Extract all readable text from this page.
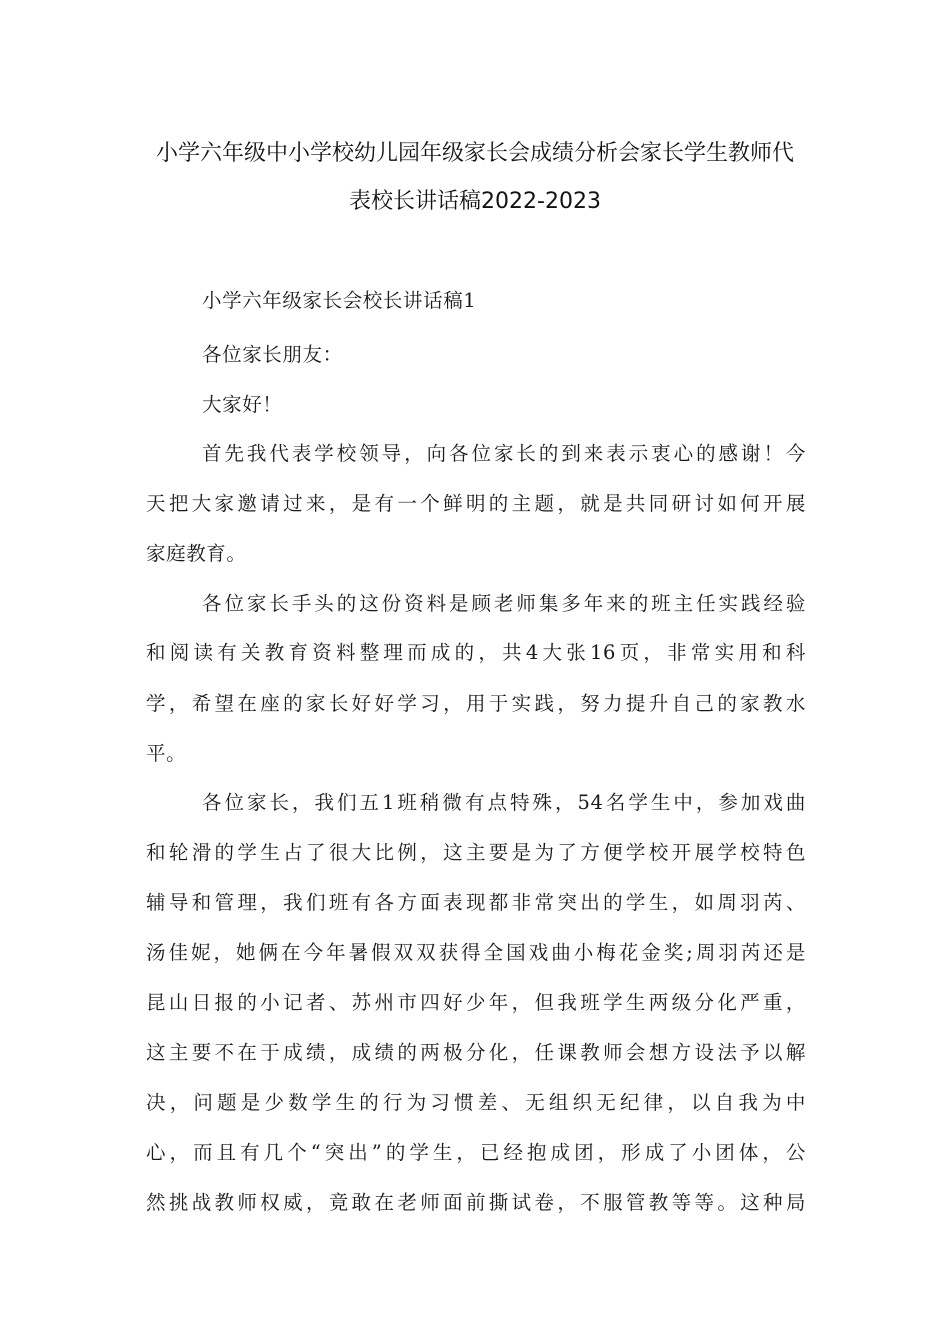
小学六年级中小学校幼儿园年级家长会成绩分析会家长学生教师代
表校长讲话稿2022-2023
小学六年级家长会校长讲话稿1
各位家长朋友：
大家好！
首先我代表学校领导，向各位家长的到来表示衷心的感谢！今
天把大家邀请过来，是有一个鲜明的主题，就是共同研讨如何开展
家庭教育。
各位家长手头的这份资料是顾老师集多年来的班主任实践经验
和阅读有关教育资料整理而成的，共4大张16页，非常实用和科
学，希望在座的家长好好学习，用于实践，努力提升自己的家教水
平。
各位家长，我们五1班稍微有点特殊，54名学生中，参加戏曲
和轮滑的学生占了很大比例，这主要是为了方便学校开展学校特色
辅导和管理，我们班有各方面表现都非常突出的学生，如周羽芮、
汤佳妮，她俩在今年暑假双双获得全国戏曲小梅花金奖;周羽芮还是
昆山日报的小记者、苏州市四好少年，但我班学生两级分化严重，
这主要不在于成绩，成绩的两极分化，任课教师会想方设法予以解
决，问题是少数学生的行为习惯差、无组织无纪律，以自我为中
心，而且有几个“突出”的学生，已经抱成团，形成了小团体，公
然挑战教师权威，竟敢在老师面前撕试卷，不服管教等等。这种局
